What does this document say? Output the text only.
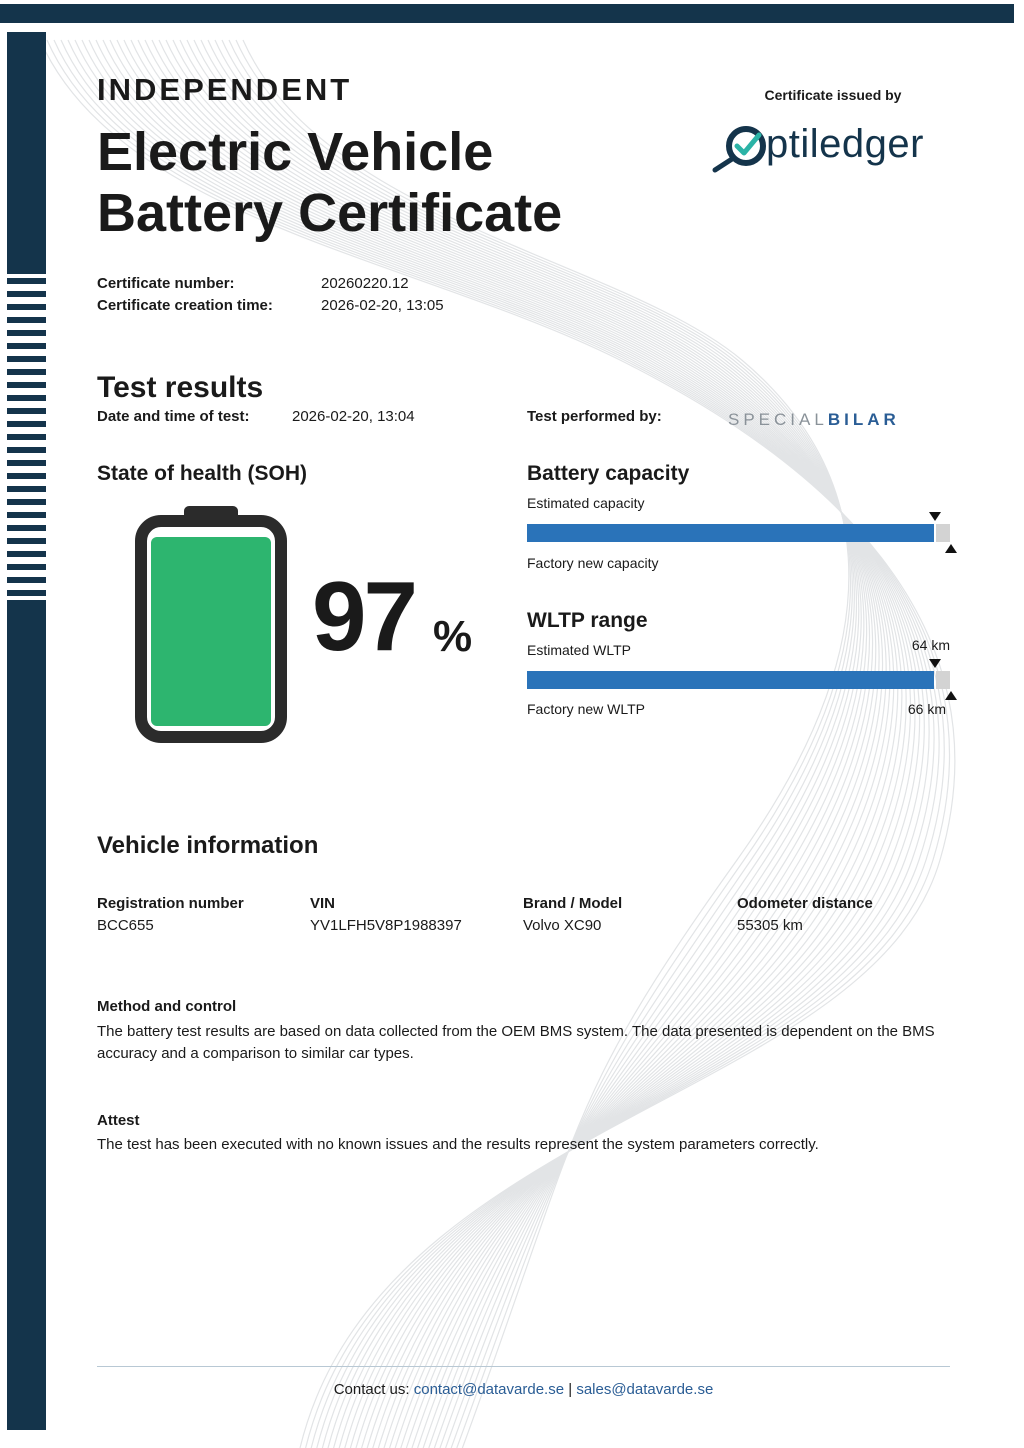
INDEPENDENT
Electric Vehicle
Battery Certificate
Certificate issued by
ptiledger
Certificate number:	20260220.12
Certificate creation time:	2026-02-20, 13:05
Test results
Date and time of test:	2026-02-20, 13:04	Test performed by:	SPECIALBILAR
State of health (SOH)
97 %
Battery capacity
Estimated capacity
Factory new capacity
WLTP range
Estimated WLTP	64 km
Factory new WLTP	66 km
Vehicle information
Registration number
BCC655
VIN
YV1LFH5V8P1988397
Brand / Model
Volvo XC90
Odometer distance
55305 km
Method and control
The battery test results are based on data collected from the OEM BMS system. The data presented is dependent on the BMS accuracy and a comparison to similar car types.
Attest
The test has been executed with no known issues and the results represent the system parameters correctly.
Contact us: contact@datavarde.se | sales@datavarde.se
